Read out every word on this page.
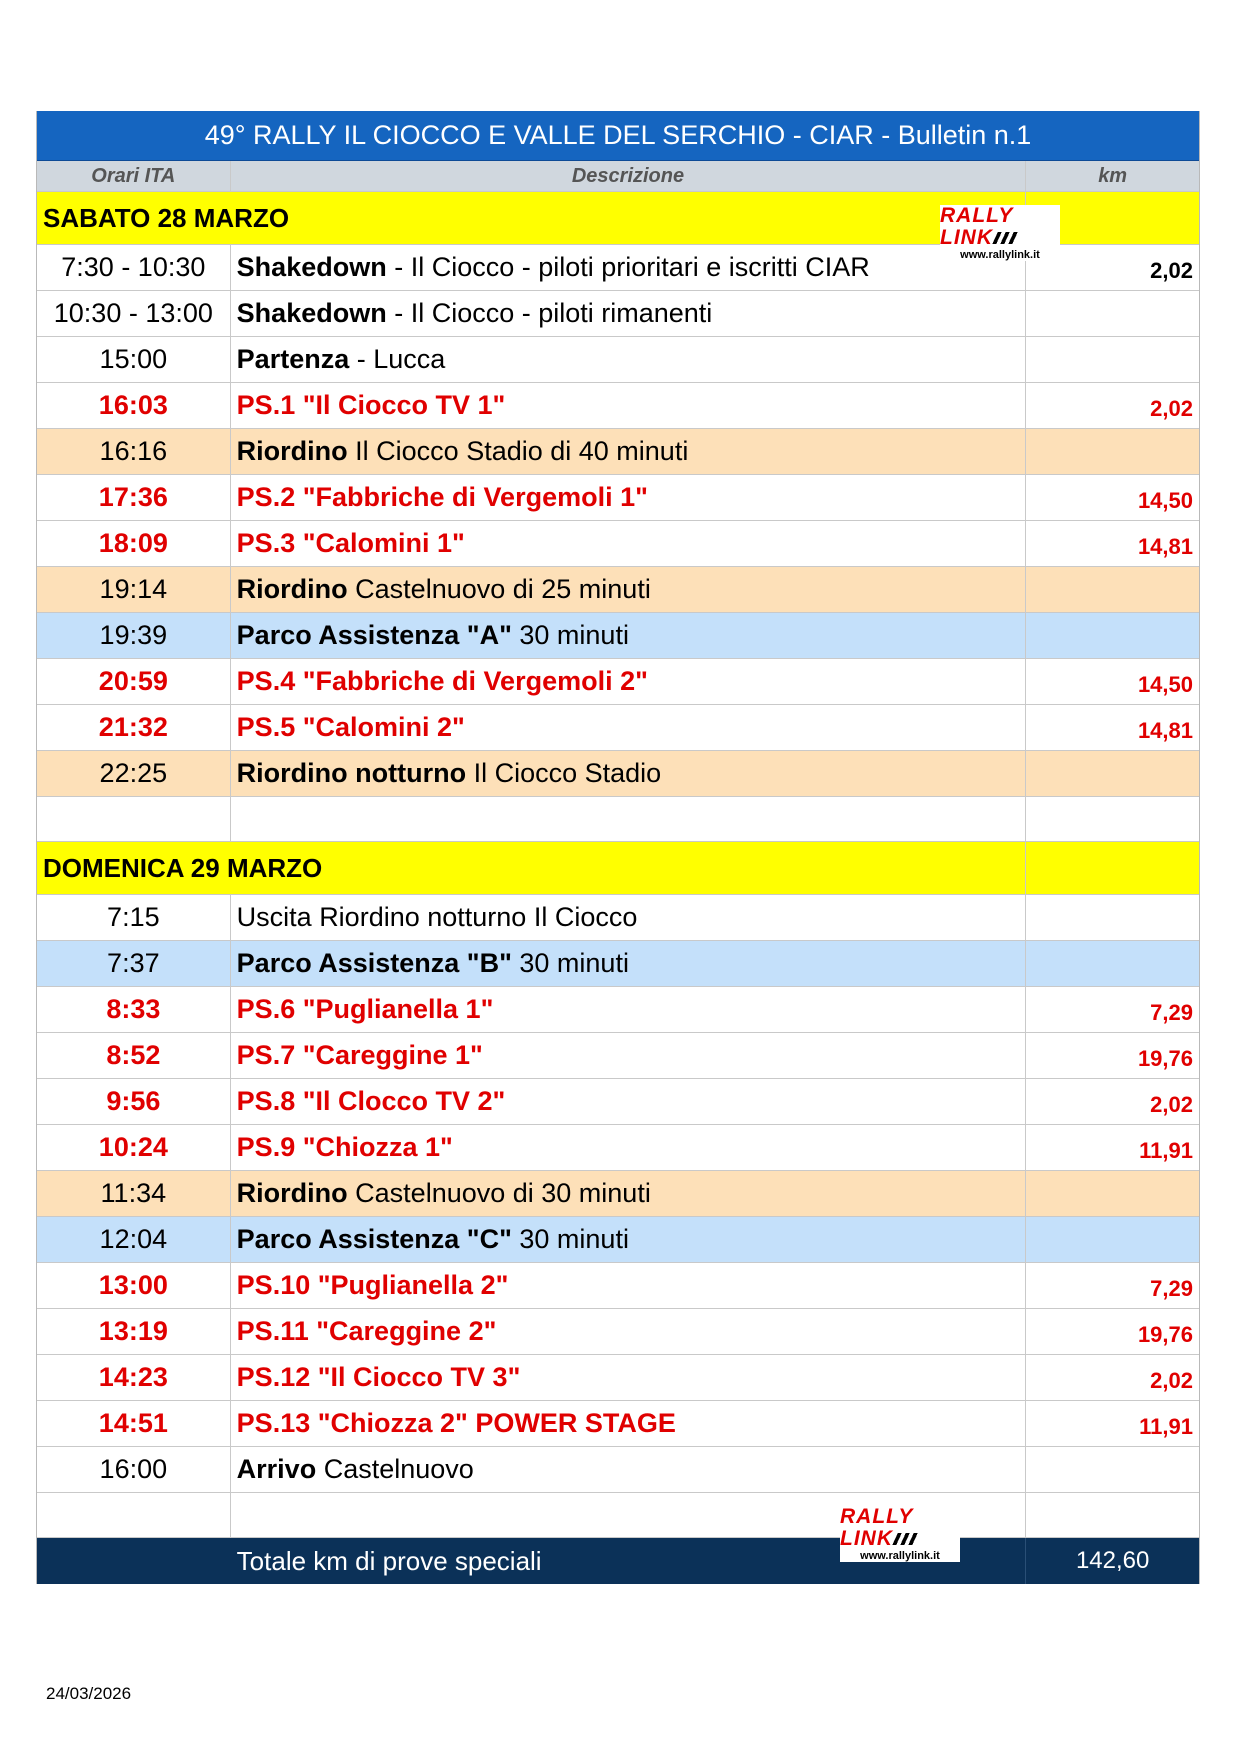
49° RALLY IL CIOCCO E VALLE DEL SERCHIO - CIAR - Bulletin n.1
Orari ITA	Descrizione	km
SABATO 28 MARZO
7:30 - 10:30	Shakedown - Il Ciocco - piloti prioritari e iscritti CIAR	2,02
10:30 - 13:00 Shakedown - Il Ciocco - piloti rimanenti
15:00	Partenza - Lucca
16:03	PS.1 "Il Ciocco TV 1"	2,02
16:16	Riordino Il Ciocco Stadio di 40 minuti
17:36	PS.2 "Fabbriche di Vergemoli 1"	14,50
18:09	PS.3 "Calomini 1"	14,81
19:14	Riordino Castelnuovo di 25 minuti
19:39	Parco Assistenza "A" 30 minuti
20:59	PS.4 "Fabbriche di Vergemoli 2"	14,50
21:32	PS.5 "Calomini 2"	14,81
22:25	Riordino notturno Il Ciocco Stadio
DOMENICA 29 MARZO
7:15	Uscita Riordino notturno Il Ciocco
7:37	Parco Assistenza "B" 30 minuti
8:33	PS.6 "Puglianella 1"	7,29
8:52	PS.7 "Careggine 1"	19,76
9:56	PS.8 "Il Clocco TV 2"	2,02
10:24	PS.9 "Chiozza 1"	11,91
11:34	Riordino Castelnuovo di 30 minuti
12:04	Parco Assistenza "C" 30 minuti
13:00	PS.10 "Puglianella 2"	7,29
13:19	PS.11 "Careggine 2"	19,76
14:23	PS.12 "Il Ciocco TV 3"	2,02
14:51	PS.13 "Chiozza 2" POWER STAGE	11,91
16:00	Arrivo Castelnuovo
Totale km di prove speciali	142,60
RALLY LINK
www.rallylink.it
RALLY LINK
www.rallylink.it
24/03/2026
